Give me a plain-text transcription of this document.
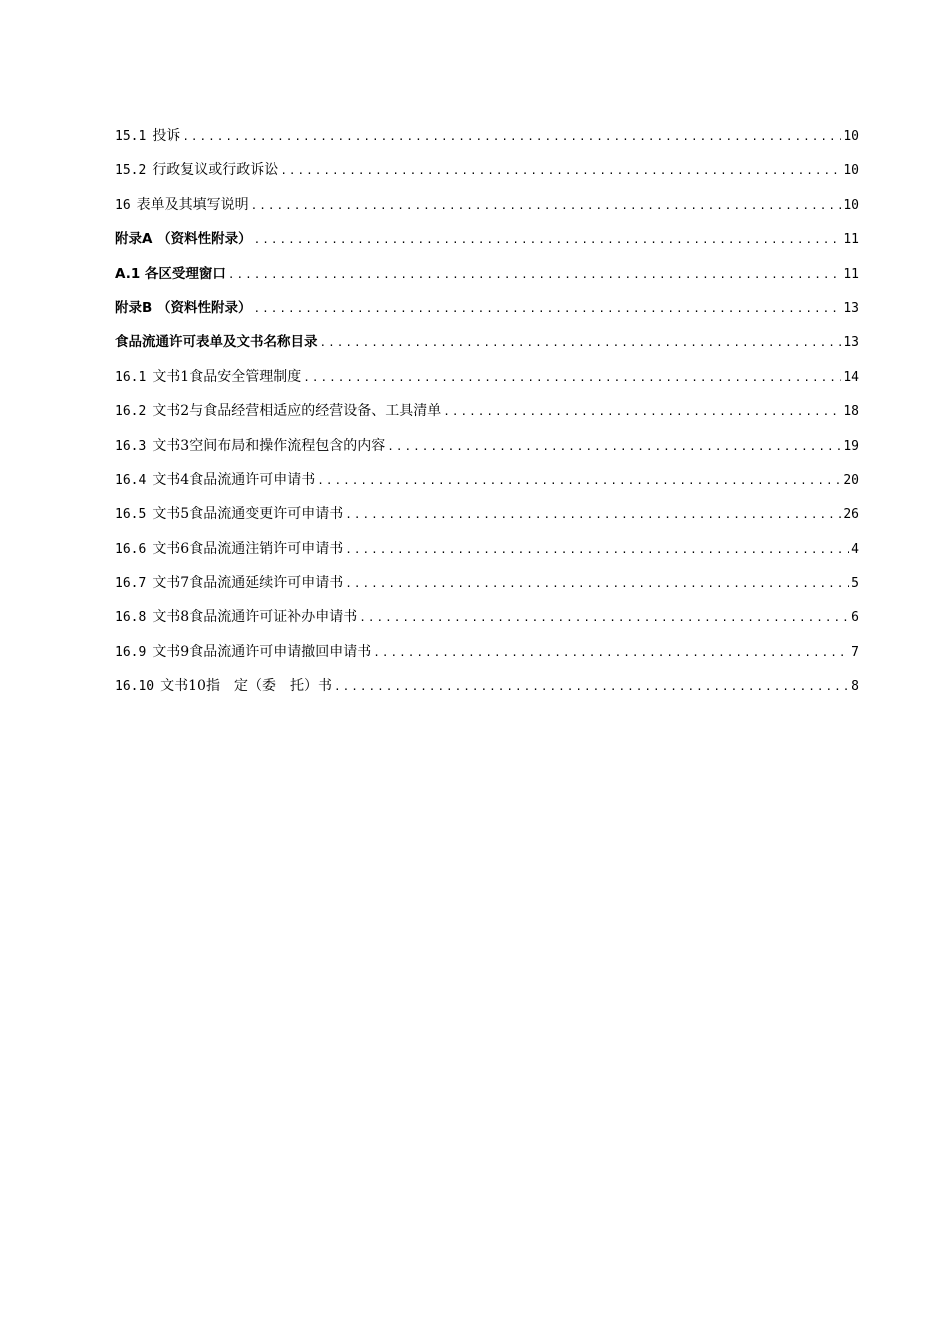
15.1 投诉 .....	10
15.2 行政复议或行政诉讼 .....	10
16 表单及其填写说明 .....	10
附录A （资料性附录） .....	11
A.1 各区受理窗口 .....	11
附录B （资料性附录） .....	13
食品流通许可表单及文书名称目录 .....	13
16.1 文书1食品安全管理制度 .....	14
16.2 文书2与食品经营相适应的经营设备、工具清单 .....	18
16.3 文书3空间布局和操作流程包含的内容 .....	19
16.4 文书4食品流通许可申请书 .....	20
16.5 文书5食品流通变更许可申请书 .....	26
16.6 文书6食品流通注销许可申请书 .....	4
16.7 文书7食品流通延续许可申请书 .....	5
16.8 文书8食品流通许可证补办申请书 .....	6
16.9 文书9食品流通许可申请撤回申请书 .....	7
16.10 文书10指　定（委　托）书 .....	8
